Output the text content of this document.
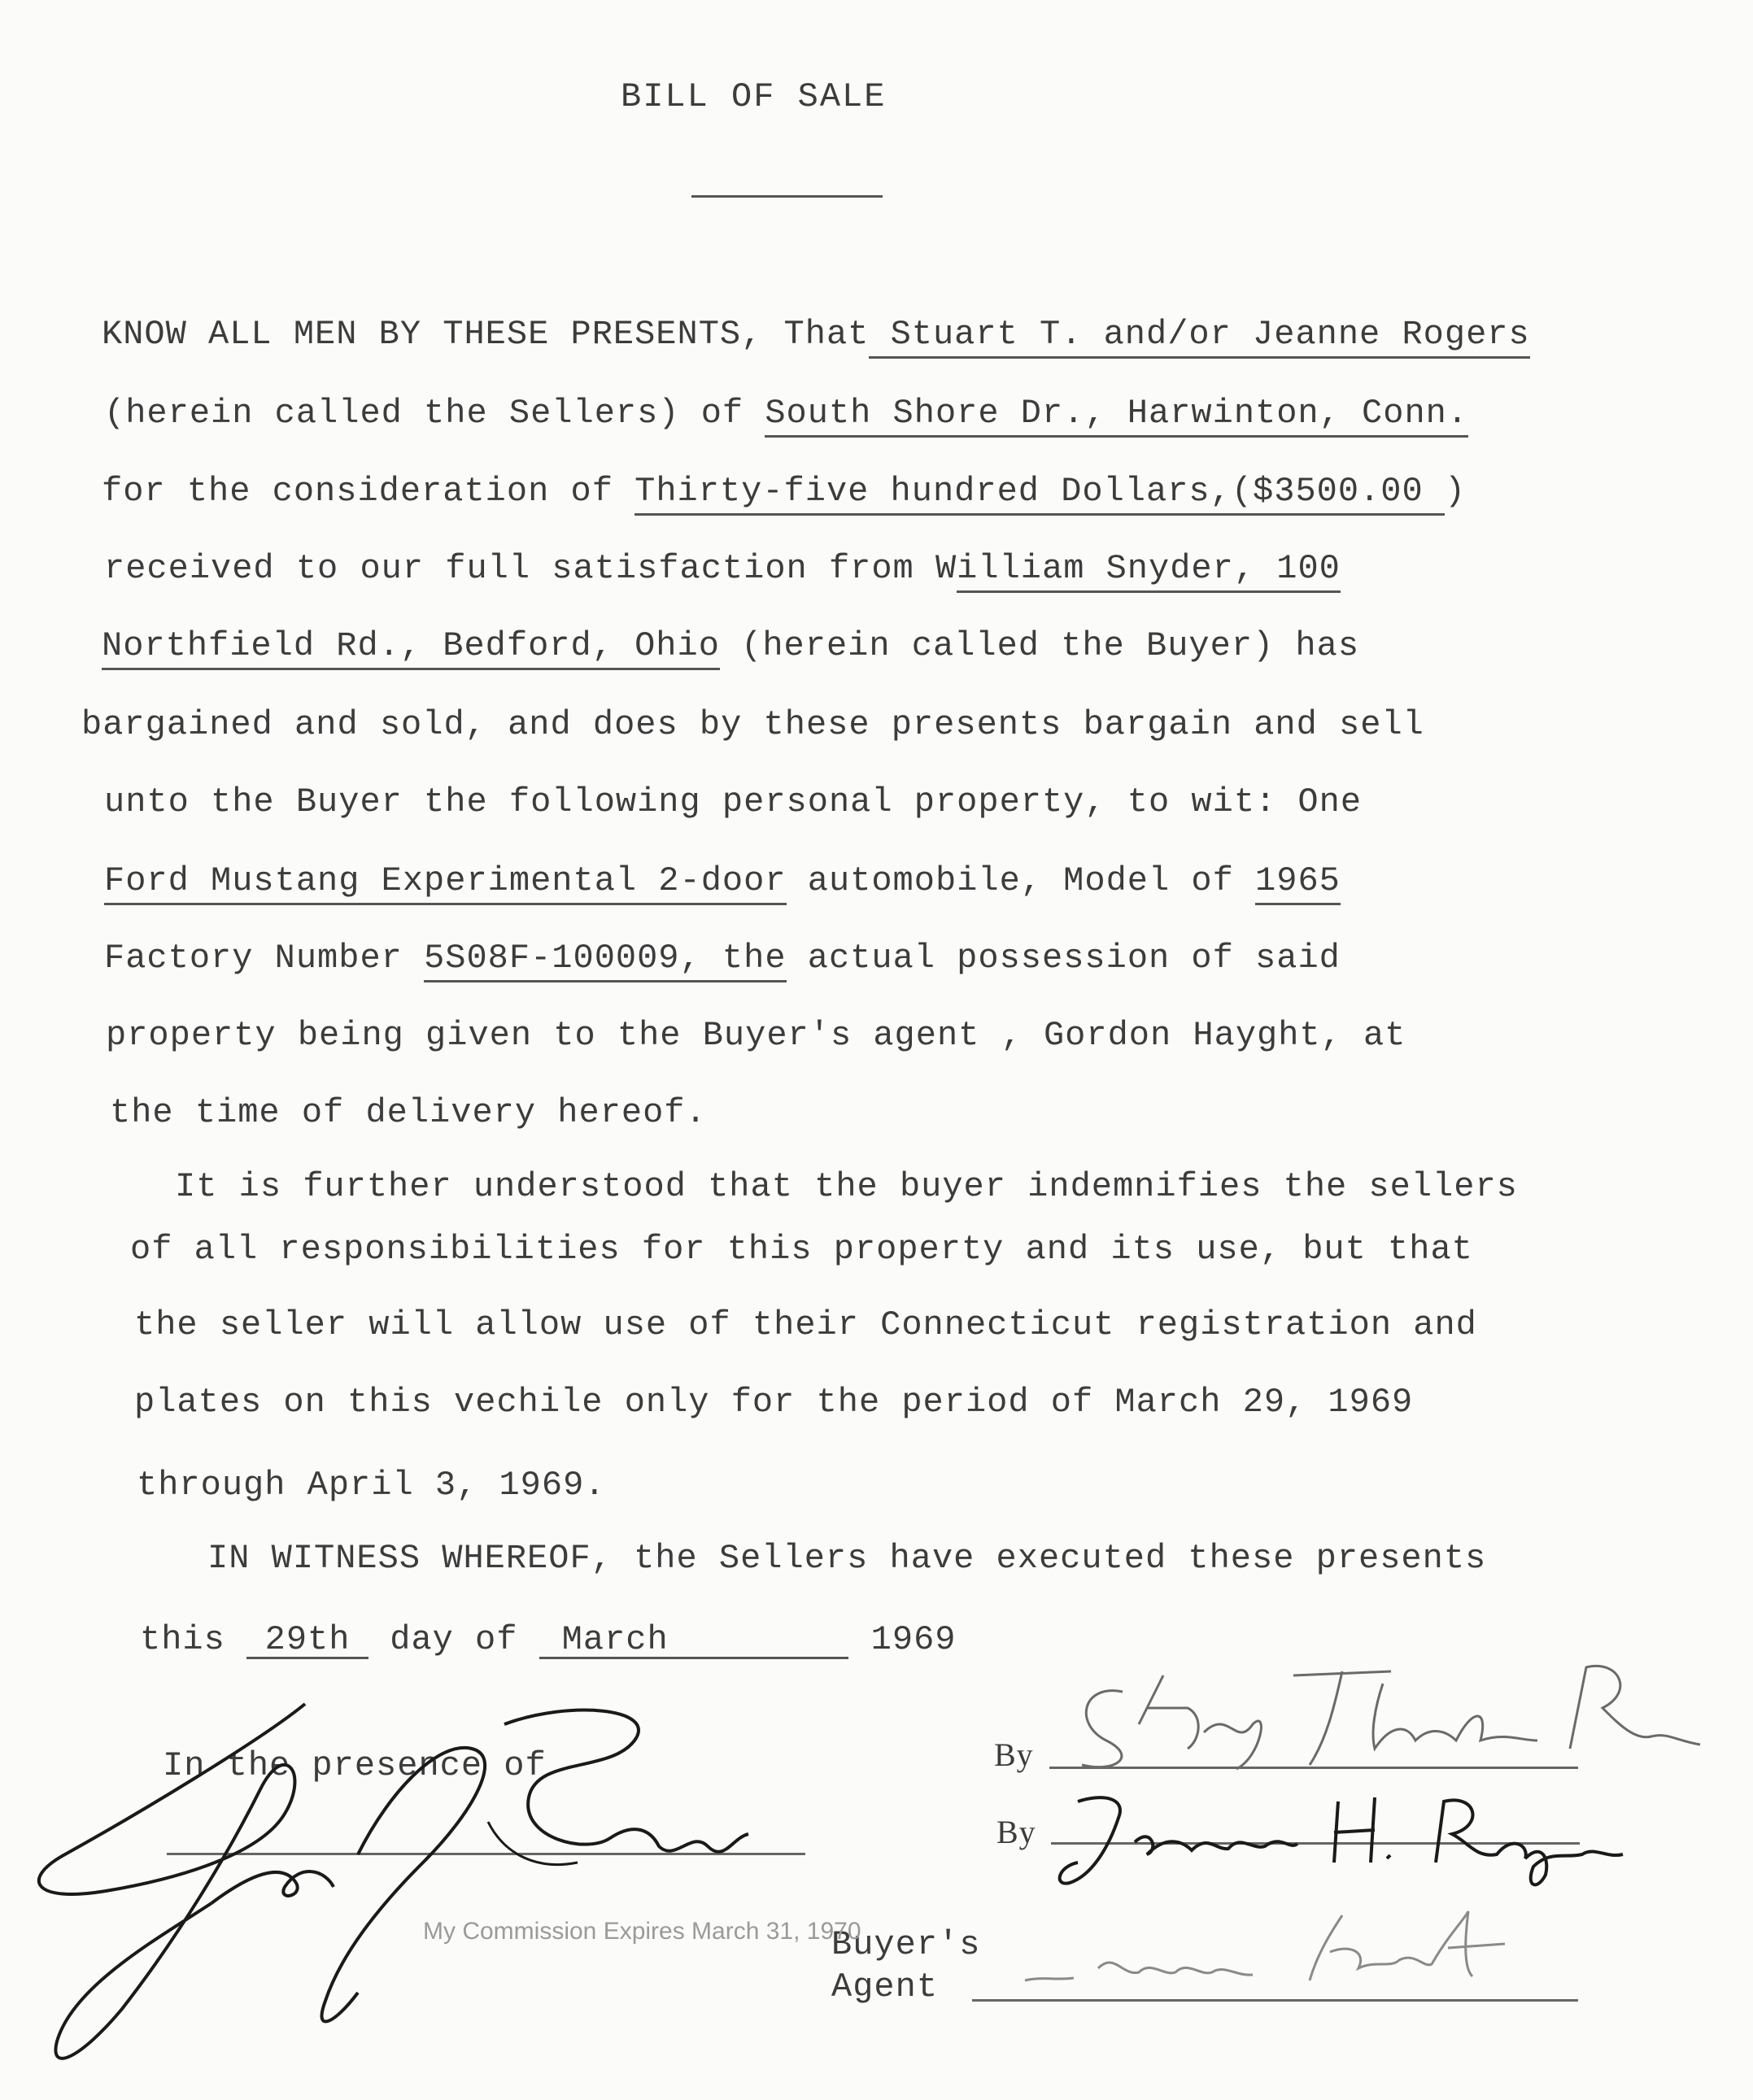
BILL OF SALE
KNOW ALL MEN BY THESE PRESENTS, That Stuart T. and/or Jeanne Rogers
(herein called the Sellers) of South Shore Dr., Harwinton, Conn.
for the consideration of Thirty-five hundred Dollars,($3500.00 )
received to our full satisfaction from William Snyder, 100
Northfield Rd., Bedford, Ohio (herein called the Buyer) has
bargained and sold, and does by these presents bargain and sell
unto the Buyer the following personal property, to wit: One
Ford Mustang Experimental 2-door automobile, Model of 1965
Factory Number 5S08F-100009, the actual possession of said
property being given to the Buyer's agent , Gordon Hayght, at
the time of delivery hereof.
It is further understood that the buyer indemnifies the sellers
of all responsibilities for this property and its use, but that
the seller will allow use of their Connecticut registration and
plates on this vechile only for the period of March 29, 1969
through April 3, 1969.
IN WITNESS WHEREOF, the Sellers have executed these presents
this 29th day of March	1969
In the presence of	By
By
Buyer's
Agent
My Commission Expires March 31, 1970
